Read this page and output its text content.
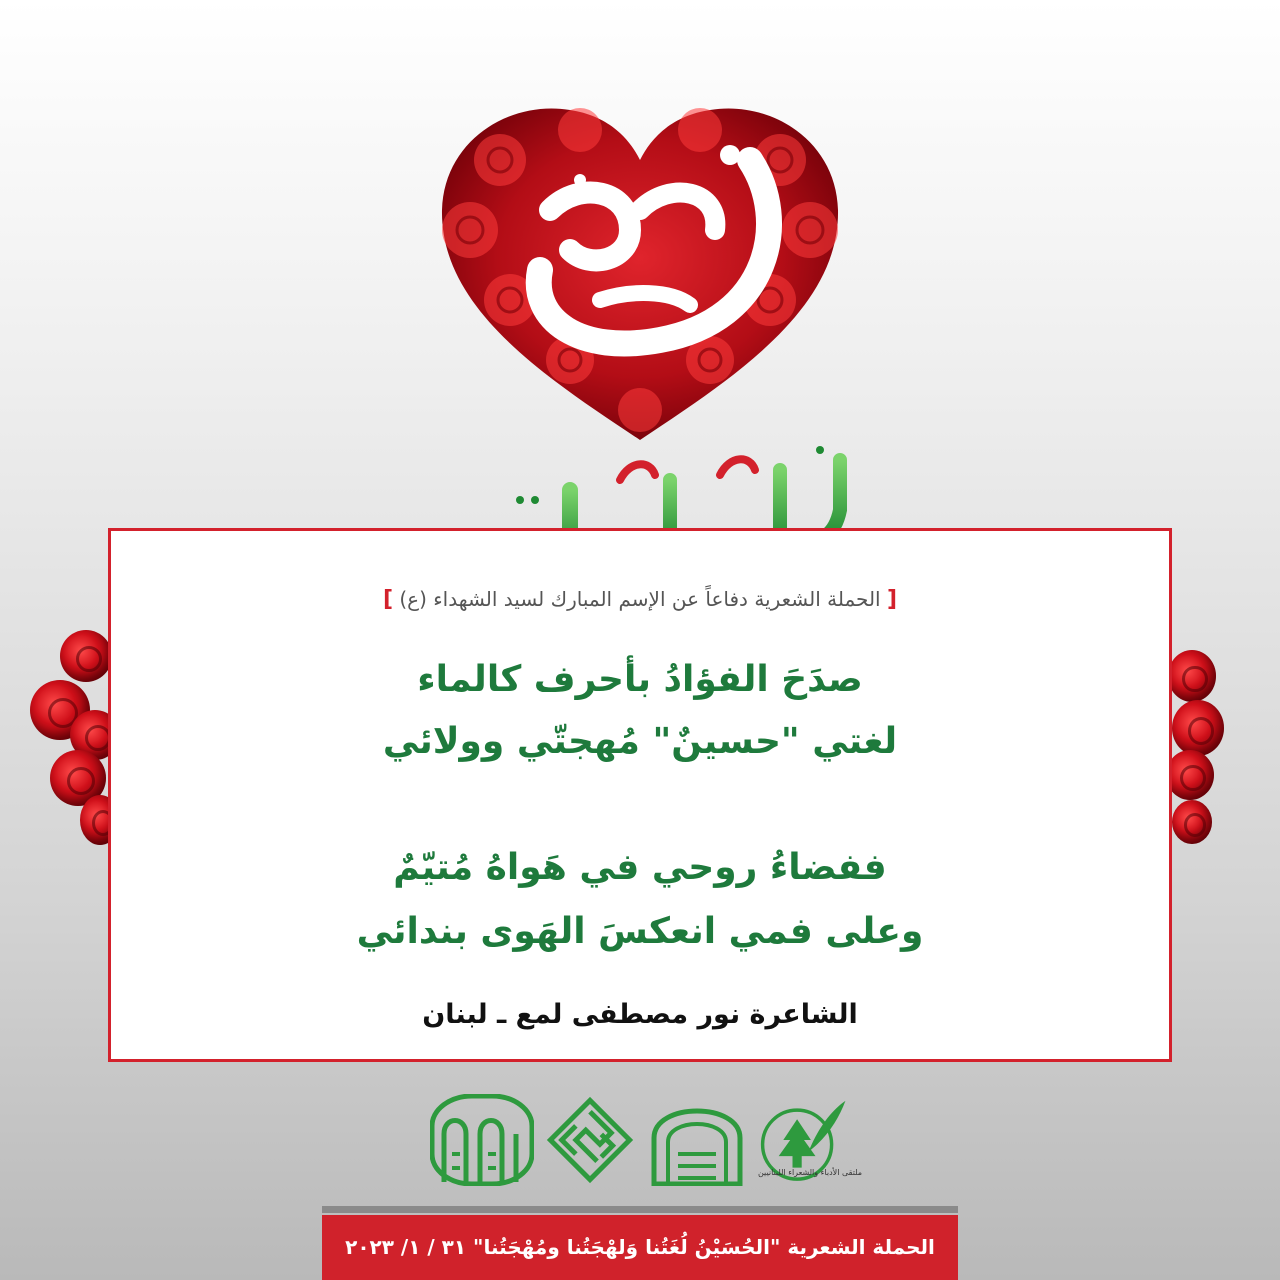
[ الحملة الشعرية دفاعاً عن الإسم المبارك لسيد الشهداء (ع) ]
صدَحَ الفؤادُ بأحرف كالماء
لغتي "حسينٌ" مُهجتّي وولائي
ففضاءُ روحي في هَواهُ مُتيّمٌ
وعلى فمي انعكسَ الهَوى بندائي
الشاعرة نور مصطفى لمع ـ لبنان
ملتقى الأدباء والشعراء اللبنانيين
الحملة الشعرية "الحُسَيْنُ لُغَتُنا وَلهْجَتُنا ومُهْجَتُنا" ٣١ / ١/ ٢٠٢٣
